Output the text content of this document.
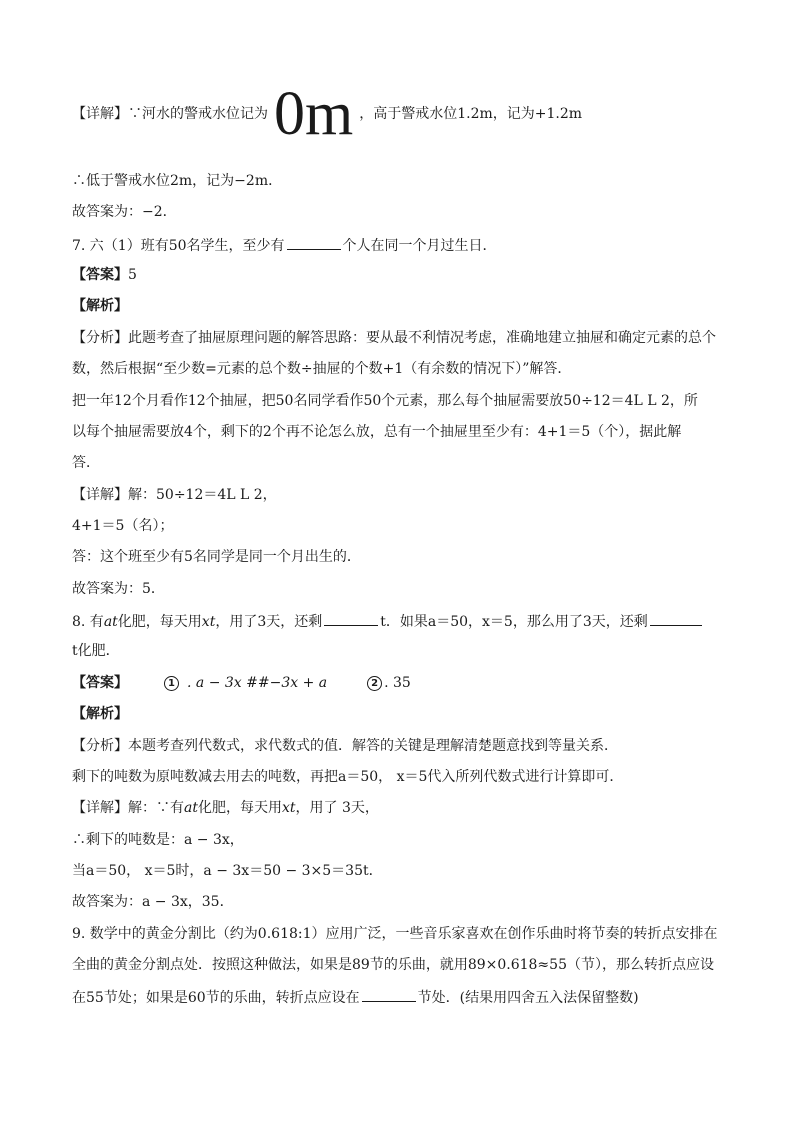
【详解】∵河水的警戒水位记为0m ，高于警戒水位1.2m，记为+1.2m
∴低于警戒水位2m，记为−2m．
故答案为：−2．
7. 六（1）班有50名学生，至少有	个人在同一个月过生日．
【答案】5
【解析】
【分析】此题考查了抽屉原理问题的解答思路：要从最不利情况考虑，准确地建立抽屉和确定元素的总个
数，然后根据“至少数=元素的总个数÷抽屉的个数+1（有余数的情况下）”解答．
把一年12个月看作12个抽屉，把50名同学看作50个元素，那么每个抽屉需要放50÷12＝4L L 2，所
以每个抽屉需要放4个，剩下的2个再不论怎么放，总有一个抽屉里至少有：4+1＝5（个），据此解
答．
【详解】解：50÷12＝4L L 2，
4+1＝5（名）；
答：这个班至少有5名同学是同一个月出生的．
故答案为：5．
8. 有at化肥，每天用xt，用了3天，还剩	t．如果a＝50，x＝5，那么用了3天，还剩
t化肥．
【答案】	1 . a − 3x ##−3x + a	2 . 35
【解析】
【分析】本题考查列代数式，求代数式的值．解答的关键是理解清楚题意找到等量关系．
剩下的吨数为原吨数减去用去的吨数，再把a＝50， x＝5代入所列代数式进行计算即可．
【详解】解：∵有at化肥，每天用xt，用了 3天，
∴剩下的吨数是：a − 3x，
当a＝50， x＝5时，a − 3x＝50 − 3×5＝35t．
故答案为：a − 3x，35．
9. 数学中的黄金分割比（约为0.618:1）应用广泛，一些音乐家喜欢在创作乐曲时将节奏的转折点安排在
全曲的黄金分割点处．按照这种做法，如果是89节的乐曲，就用89×0.618≈55（节），那么转折点应设
在55节处；如果是60节的乐曲，转折点应设在	节处．(结果用四舍五入法保留整数)
